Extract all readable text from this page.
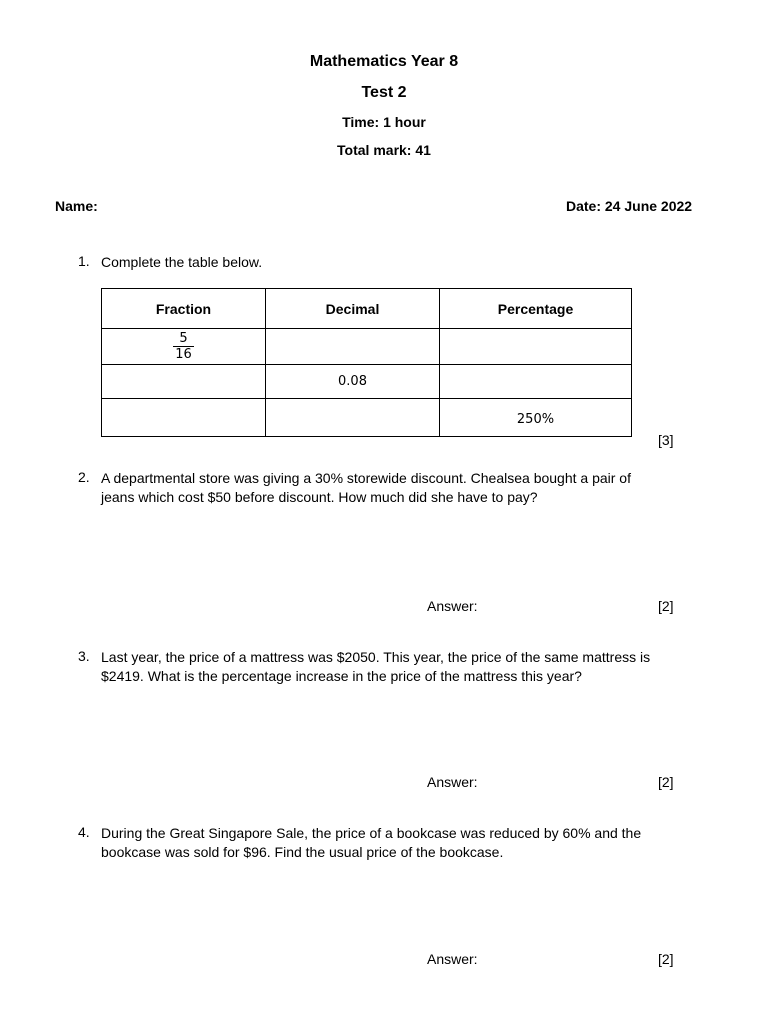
Mathematics Year 8
Test 2
Time: 1 hour
Total mark: 41
Name:	Date: 24 June 2022
1. Complete the table below.
Fraction	Decimal	Percentage

$\frac{5}{16}$

	0.08	
		250%
[3]
2. A departmental store was giving a 30% storewide discount. Chealsea bought a pair of
jeans which cost $50 before discount. How much did she have to pay?
Answer:	[2]
3. Last year, the price of a mattress was $2050. This year, the price of the same mattress is
$2419. What is the percentage increase in the price of the mattress this year?
Answer:	[2]
4. During the Great Singapore Sale, the price of a bookcase was reduced by 60% and the
bookcase was sold for $96. Find the usual price of the bookcase.
Answer:	[2]
